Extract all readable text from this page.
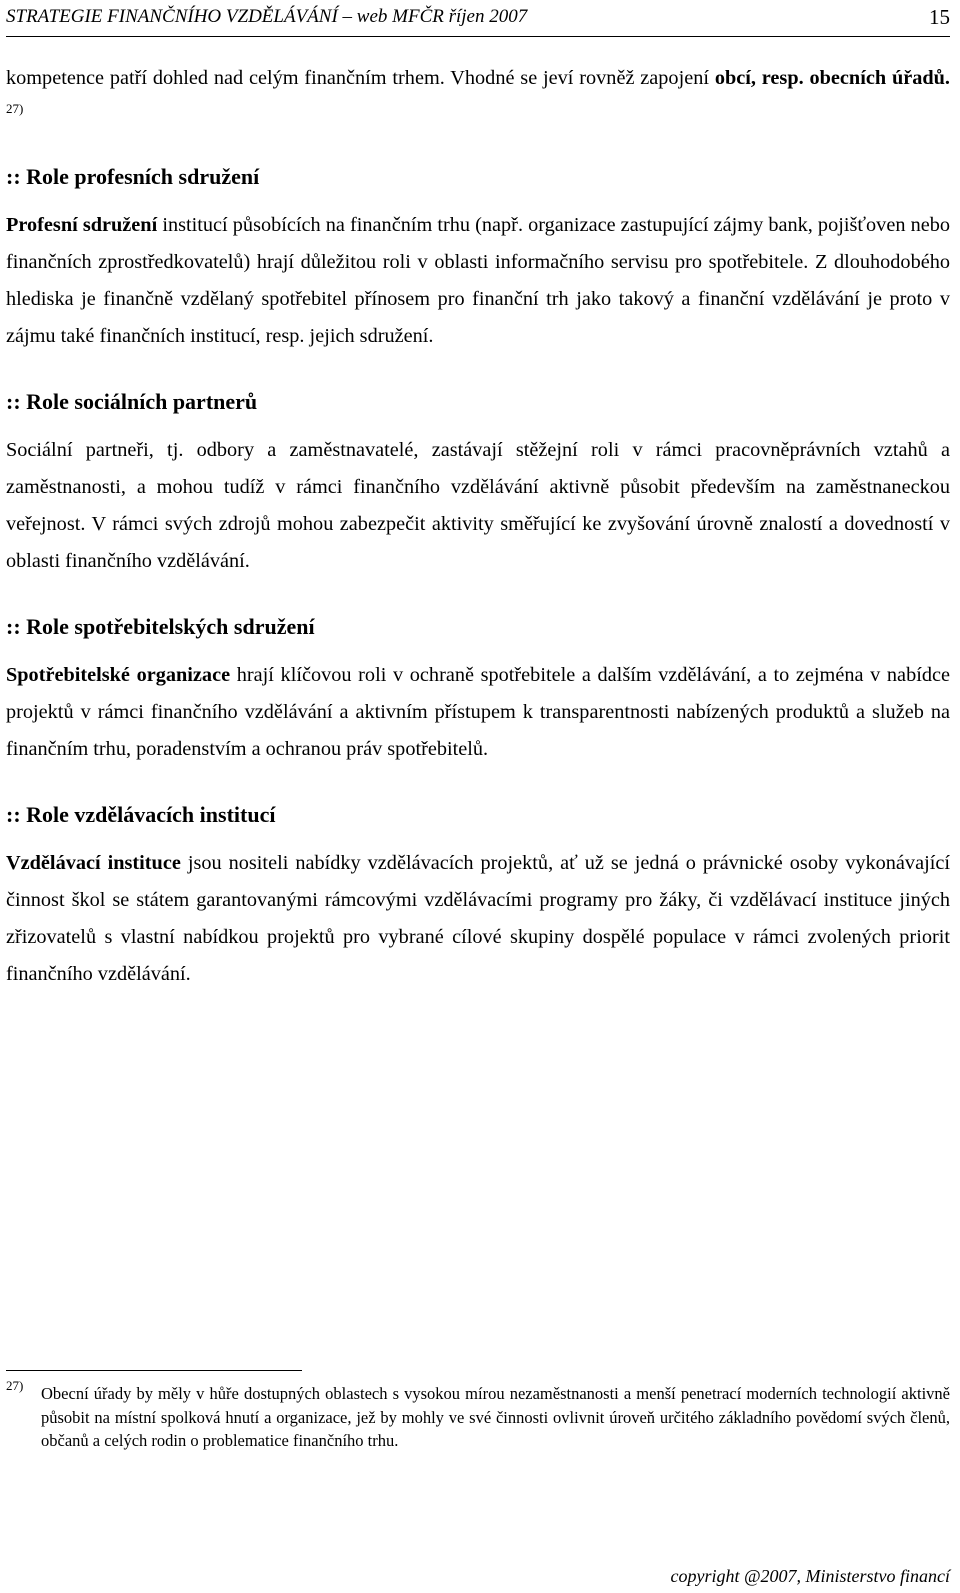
STRATEGIE FINANČNÍHO VZDĚLÁVÁNÍ – web MFČR říjen 2007	15

kompetence patří dohled nad celým finančním trhem. Vhodné se jeví rovněž zapojení obcí, resp. obecních úřadů. $^{27)}$

:: Role profesních sdružení

Profesní sdružení institucí působících na finančním trhu (např. organizace zastupující zájmy bank, pojišťoven nebo finančních zprostředkovatelů) hrají důležitou roli v oblasti informačního servisu pro spotřebitele. Z dlouhodobého hlediska je finančně vzdělaný spotřebitel přínosem pro finanční trh jako takový a finanční vzdělávání je proto v zájmu také finančních institucí, resp. jejich sdružení.

:: Role sociálních partnerů

Sociální partneři, tj. odbory a zaměstnavatelé, zastávají stěžejní roli v rámci pracovněprávních vztahů a zaměstnanosti, a mohou tudíž v rámci finančního vzdělávání aktivně působit především na zaměstnaneckou veřejnost. V rámci svých zdrojů mohou zabezpečit aktivity směřující ke zvyšování úrovně znalostí a dovedností v oblasti finančního vzdělávání.

:: Role spotřebitelských sdružení

Spotřebitelské organizace hrají klíčovou roli v ochraně spotřebitele a dalším vzdělávání, a to zejména v nabídce projektů v rámci finančního vzdělávání a aktivním přístupem k transparentnosti nabízených produktů a služeb na finančním trhu, poradenstvím a ochranou práv spotřebitelů.

:: Role vzdělávacích institucí

Vzdělávací instituce jsou nositeli nabídky vzdělávacích projektů, ať už se jedná o právnické osoby vykonávající činnost škol se státem garantovanými rámcovými vzdělávacími programy pro žáky, či vzdělávací instituce jiných zřizovatelů s vlastní nabídkou projektů pro vybrané cílové skupiny dospělé populace v rámci zvolených priorit finančního vzdělávání.

27) Obecní úřady by měly v hůře dostupných oblastech s vysokou mírou nezaměstnanosti a menší penetrací moderních technologií aktivně působit na místní spolková hnutí a organizace, jež by mohly ve své činnosti ovlivnit úroveň určitého základního povědomí svých členů, občanů a celých rodin o problematice finančního trhu.
copyright @2007, Ministerstvo financí
